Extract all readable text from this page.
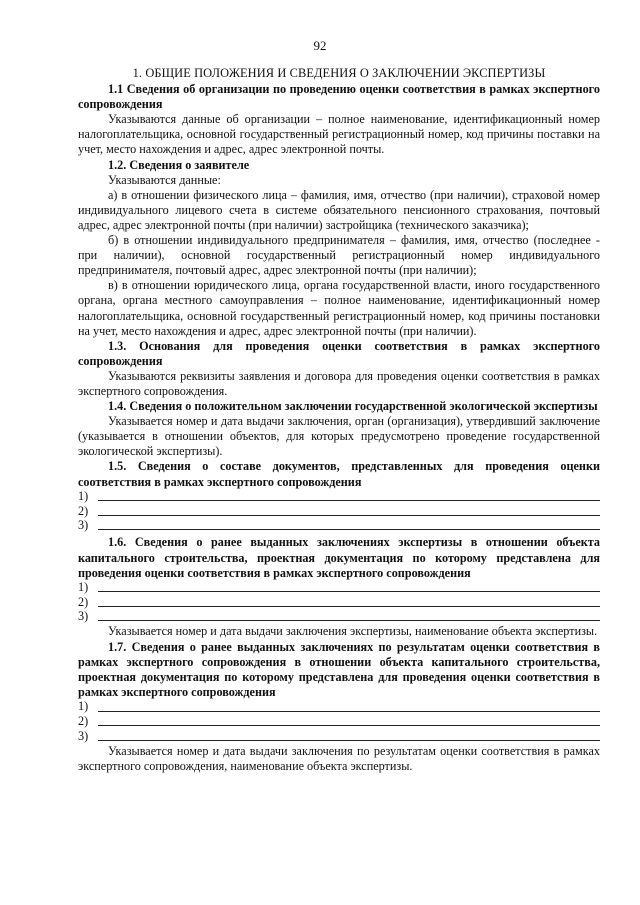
92
1. ОБЩИЕ ПОЛОЖЕНИЯ И СВЕДЕНИЯ О ЗАКЛЮЧЕНИИ ЭКСПЕРТИЗЫ

1.1 Сведения об организации по проведению оценки соответствия в рамках экспертного сопровождения

Указываются данные об организации – полное наименование, идентификационный номер налогоплательщика, основной государственный регистрационный номер, код причины поставки на учет, место нахождения и адрес, адрес электронной почты.

1.2. Сведения о заявителе

Указываются данные:

а) в отношении физического лица – фамилия, имя, отчество (при наличии), страховой номер индивидуального лицевого счета в системе обязательного пенсионного страхования, почтовый адрес, адрес электронной почты (при наличии) застройщика (технического заказчика);

б) в отношении индивидуального предпринимателя – фамилия, имя, отчество (последнее - при наличии), основной государственный регистрационный номер индивидуального предпринимателя, почтовый адрес, адрес электронной почты (при наличии);

в) в отношении юридического лица, органа государственной власти, иного государственного органа, органа местного самоуправления – полное наименование, идентификационный номер налогоплательщика, основной государственный регистрационный номер, код причины постановки на учет, место нахождения и адрес, адрес электронной почты (при наличии).

1.3. Основания для проведения оценки соответствия в рамках экспертного сопровождения

Указываются реквизиты заявления и договора для проведения оценки соответствия в рамках экспертного сопровождения.

1.4. Сведения о положительном заключении государственной экологической экспертизы

Указывается номер и дата выдачи заключения, орган (организация), утвердивший заключение (указывается в отношении объектов, для которых предусмотрено проведение государственной экологической экспертизы).

1.5. Сведения о составе документов, представленных для проведения оценки соответствия в рамках экспертного сопровождения

1)
2)
3)

1.6. Сведения о ранее выданных заключениях экспертизы в отношении объекта капитального строительства, проектная документация по которому представлена для проведения оценки соответствия в рамках экспертного сопровождения

1)
2)
3)

Указывается номер и дата выдачи заключения экспертизы, наименование объекта экспертизы.

1.7. Сведения о ранее выданных заключениях по результатам оценки соответствия в рамках экспертного сопровождения в отношении объекта капитального строительства, проектная документация по которому представлена для проведения оценки соответствия в рамках экспертного сопровождения

1)
2)
3)

Указывается номер и дата выдачи заключения по результатам оценки соответствия в рамках экспертного сопровождения, наименование объекта экспертизы.
